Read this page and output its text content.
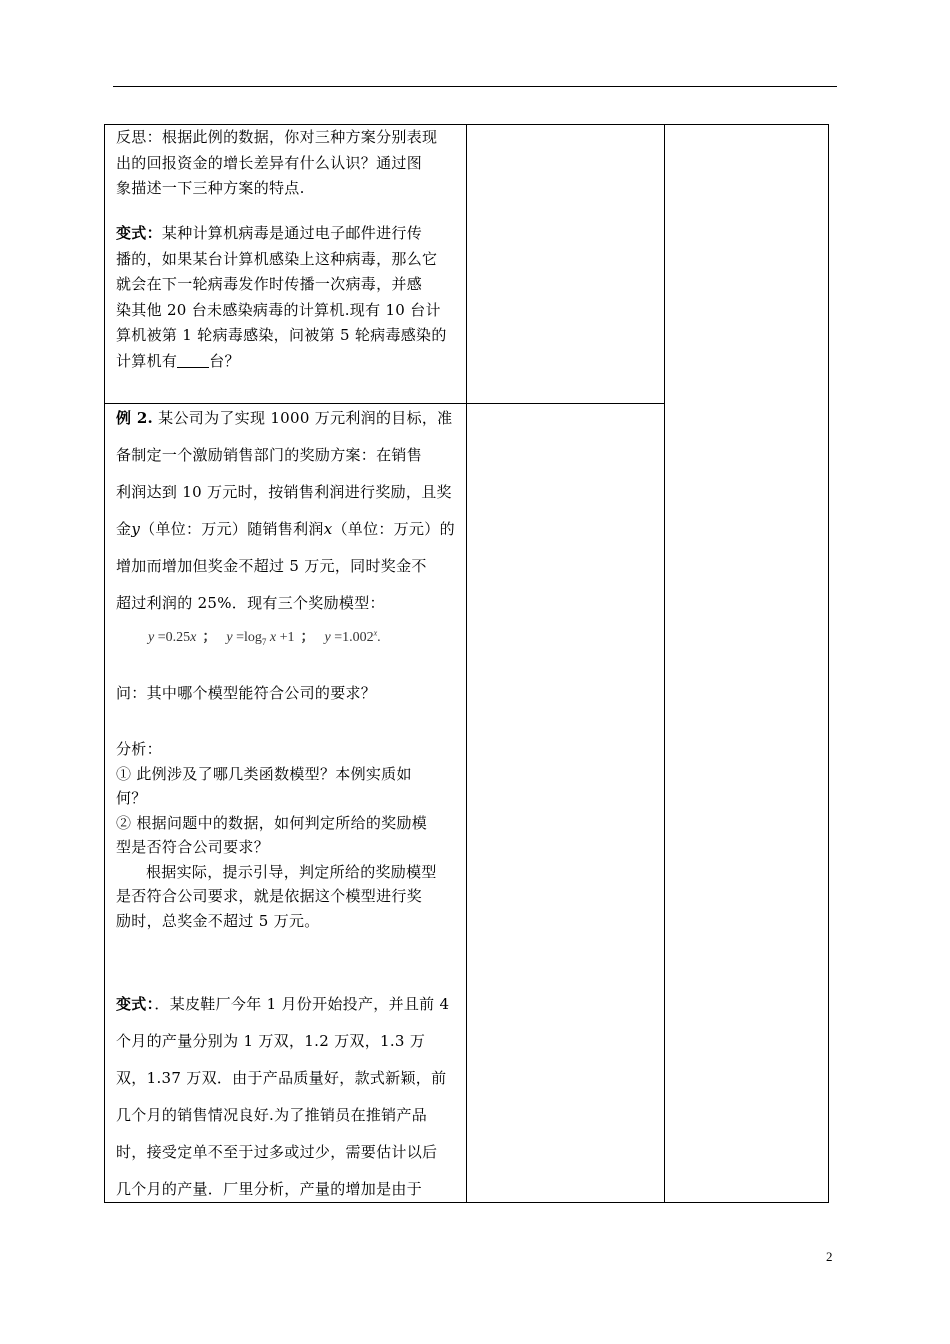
反思：根据此例的数据，你对三种方案分别表现

出的回报资金的增长差异有什么认识？通过图

象描述一下三种方案的特点.

变式：某种计算机病毒是通过电子邮件进行传

播的，如果某台计算机感染上这种病毒，那么它

就会在下一轮病毒发作时传播一次病毒，并感

染其他 20 台未感染病毒的计算机.现有 10 台计

算机被第 1 轮病毒感染，问被第 5 轮病毒感染的

计算机有 台？

例 2. 某公司为了实现 1000 万元利润的目标，准

备制定一个激励销售部门的奖励方案：在销售

利润达到 10 万元时，按销售利润进行奖励，且奖

金y（单位：万元）随销售利润x（单位：万元）的

增加而增加但奖金不超过 5 万元，同时奖金不

超过利润的 25%．现有三个奖励模型：

y =0.25x ； $y =\log_7$ x +1 ； $y =1.002^x$.

问：其中哪个模型能符合公司的要求？

分析：

① 此例涉及了哪几类函数模型？本例实质如

何？

② 根据问题中的数据，如何判定所给的奖励模

型是否符合公司要求？

根据实际，提示引导，判定所给的奖励模型

是否符合公司要求，就是依据这个模型进行奖

励时，总奖金不超过 5 万元。

变式：．某皮鞋厂今年 1 月份开始投产，并且前 4

个月的产量分别为 1 万双，1.2 万双，1.3 万

双，1.37 万双．由于产品质量好，款式新颖，前

几个月的销售情况良好.为了推销员在推销产品

时，接受定单不至于过多或过少，需要估计以后

几个月的产量．厂里分析，产量的增加是由于

2
